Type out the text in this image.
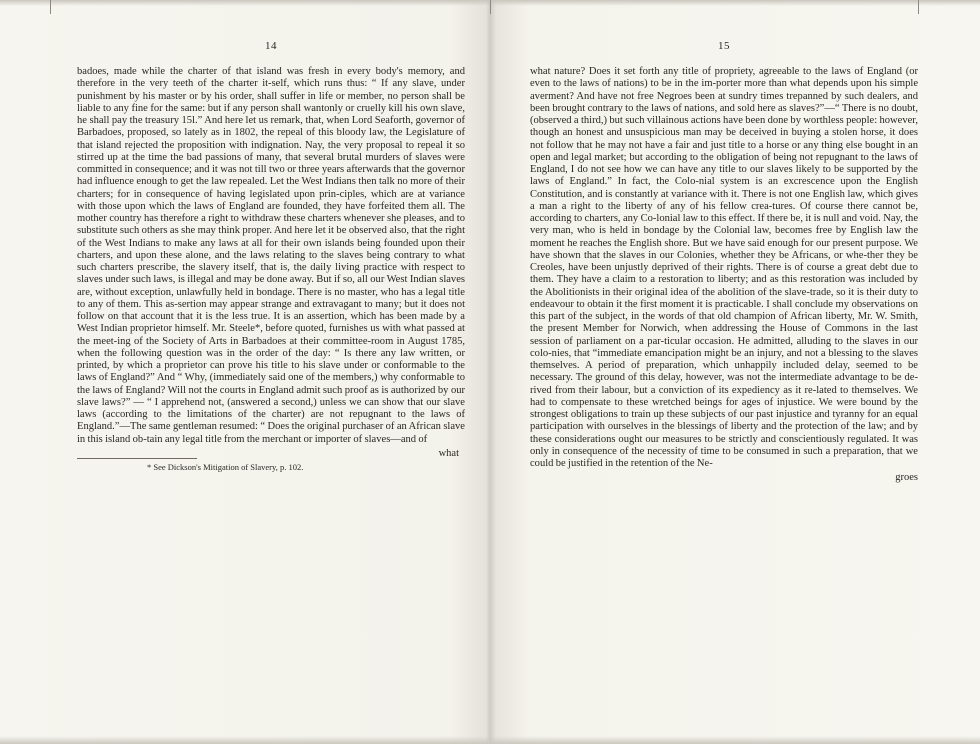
14

badoes, made while the charter of that island was fresh in every body's memory, and therefore in the very teeth of the charter it-self, which runs thus: “ If any slave, under punishment by his master or by his order, shall suffer in life or member, no person shall be liable to any fine for the same: but if any person shall wantonly or cruelly kill his own slave, he shall pay the treasury 15l.” And here let us remark, that, when Lord Seaforth, governor of Barbadoes, proposed, so lately as in 1802, the repeal of this bloody law, the Legislature of that island rejected the proposition with indignation. Nay, the very proposal to repeal it so stirred up at the time the bad passions of many, that several brutal murders of slaves were committed in consequence; and it was not till two or three years afterwards that the governor had influence enough to get the law repealed. Let the West Indians then talk no more of their charters; for in consequence of having legislated upon prin-ciples, which are at variance with those upon which the laws of England are founded, they have forfeited them all. The mother country has therefore a right to withdraw these charters whenever she pleases, and to substitute such others as she may think proper. And here let it be observed also, that the right of the West Indians to make any laws at all for their own islands being founded upon their charters, and upon these alone, and the laws relating to the slaves being contrary to what such charters prescribe, the slavery itself, that is, the daily living practice with respect to slaves under such laws, is illegal and may be done away. But if so, all our West Indian slaves are, without exception, unlawfully held in bondage. There is no master, who has a legal title to any of them. This as-sertion may appear strange and extravagant to many; but it does not follow on that account that it is the less true. It is an assertion, which has been made by a West Indian proprietor himself. Mr. Steele*, before quoted, furnishes us with what passed at the meet-ing of the Society of Arts in Barbadoes at their committee-room in August 1785, when the following question was in the order of the day: “ Is there any law written, or printed, by which a proprietor can prove his title to his slave under or conformable to the laws of England?” And “ Why, (immediately said one of the members,) why conformable to the laws of England? Will not the courts in England admit such proof as is authorized by our slave laws?” — “ I apprehend not, (answered a second,) unless we can show that our slave laws (according to the limitations of the charter) are not repugnant to the laws of England.”—The same gentleman resumed: “ Does the original purchaser of an African slave in this island ob-tain any legal title from the merchant or importer of slaves—and of

* See Dickson's Mitigation of Slavery, p. 102.

what

15

what nature? Does it set forth any title of propriety, agreeable to the laws of England (or even to the laws of nations) to be in the im-porter more than what depends upon his simple averment? And have not free Negroes been at sundry times trepanned by such dealers, and been brought contrary to the laws of nations, and sold here as slaves?”—“ There is no doubt, (observed a third,) but such villainous actions have been done by worthless people: however, though an honest and unsuspicious man may be deceived in buying a stolen horse, it does not follow that he may not have a fair and just title to a horse or any thing else bought in an open and legal market; but according to the obligation of being not repugnant to the laws of England, I do not see how we can have any title to our slaves likely to be supported by the laws of England.” In fact, the Colo-nial system is an excrescence upon the English Constitution, and is constantly at variance with it. There is not one English law, which gives a man a right to the liberty of any of his fellow crea-tures. Of course there cannot be, according to charters, any Co-lonial law to this effect. If there be, it is null and void. Nay, the very man, who is held in bondage by the Colonial law, becomes free by English law the moment he reaches the English shore. But we have said enough for our present purpose. We have shown that the slaves in our Colonies, whether they be Africans, or whe-ther they be Creoles, have been unjustly deprived of their rights. There is of course a great debt due to them. They have a claim to a restoration to liberty; and as this restoration was included by the Abolitionists in their original idea of the abolition of the slave-trade, so it is their duty to endeavour to obtain it the first moment it is practicable. I shall conclude my observations on this part of the subject, in the words of that old champion of African liberty, Mr. W. Smith, the present Member for Norwich, when addressing the House of Commons in the last session of parliament on a par-ticular occasion. He admitted, alluding to the slaves in our colo-nies, that “immediate emancipation might be an injury, and not a blessing to the slaves themselves. A period of preparation, which unhappily included delay, seemed to be necessary. The ground of this delay, however, was not the intermediate advantage to be de-rived from their labour, but a conviction of its expediency as it re-lated to themselves. We had to compensate to these wretched beings for ages of injustice. We were bound by the strongest obligations to train up these subjects of our past injustice and tyranny for an equal participation with ourselves in the blessings of liberty and the protection of the law; and by these considerations ought our measures to be strictly and conscientiously regulated. It was only in consequence of the necessity of time to be consumed in such a preparation, that we could be justified in the retention of the Ne-

groes
